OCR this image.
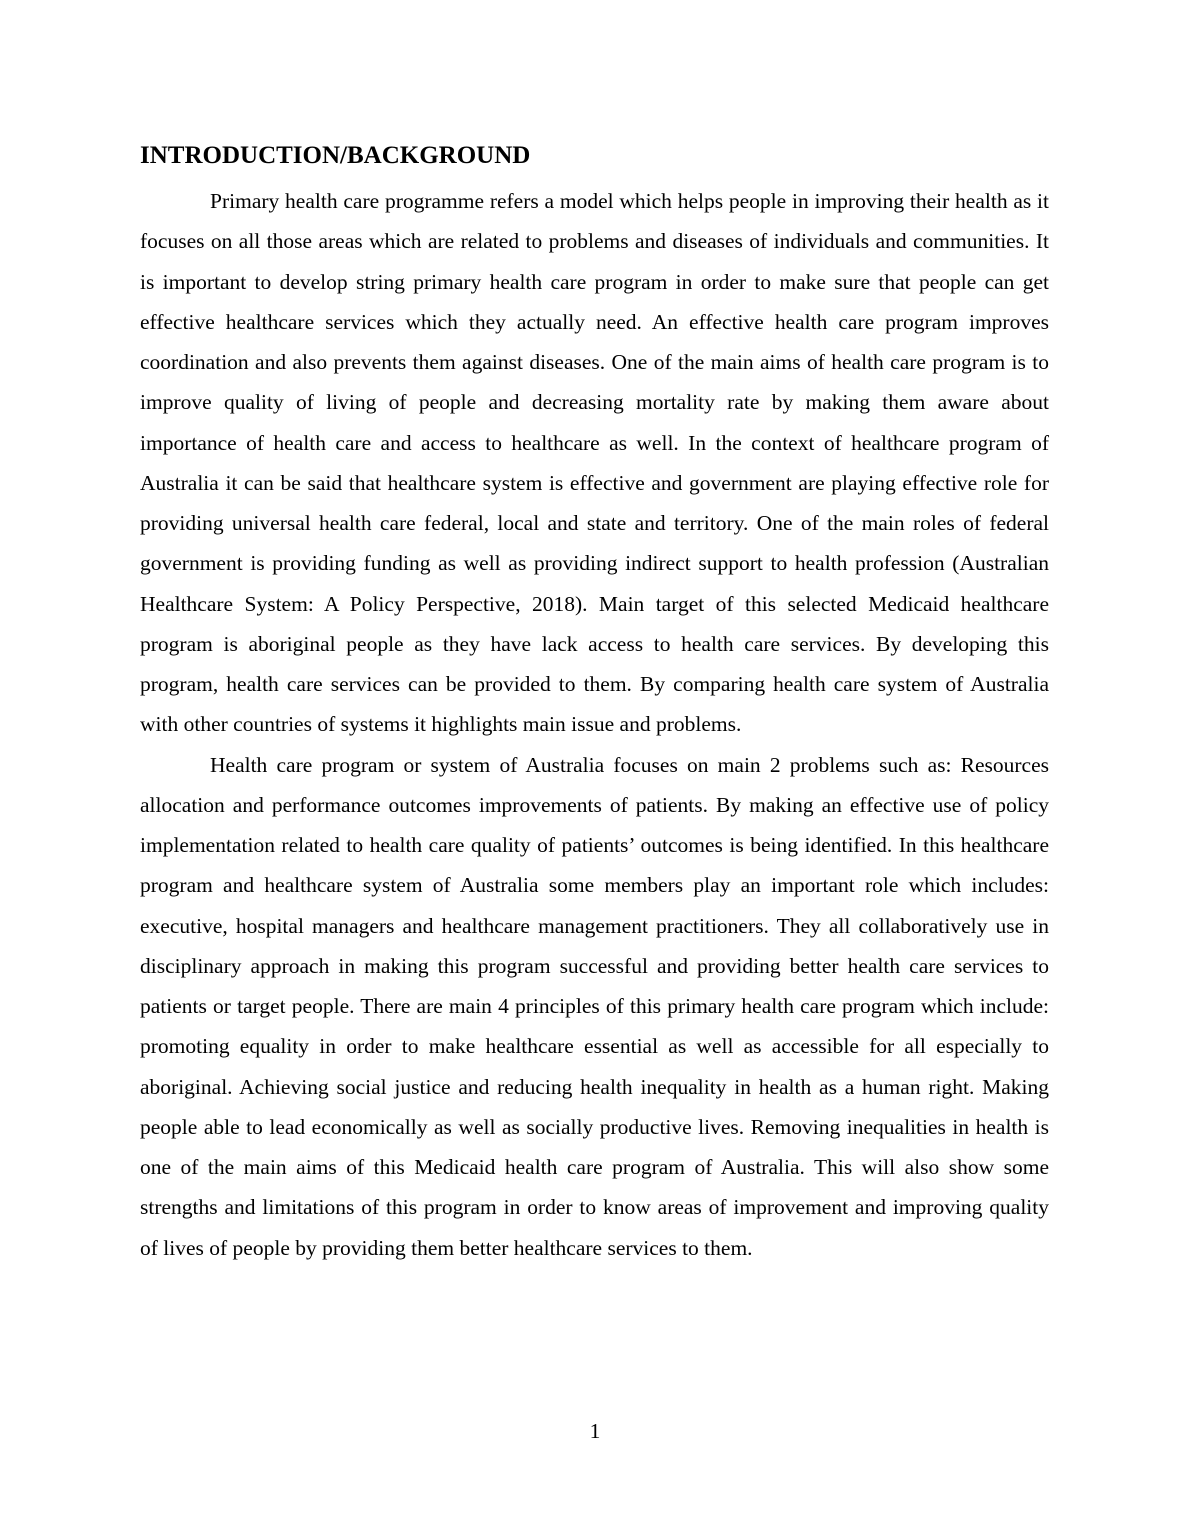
INTRODUCTION/BACKGROUND

Primary health care programme refers a model which helps people in improving their health as it focuses on all those areas which are related to problems and diseases of individuals and communities. It is important to develop string primary health care program in order to make sure that people can get effective healthcare services which they actually need. An effective health care program improves coordination and also prevents them against diseases. One of the main aims of health care program is to improve quality of living of people and decreasing mortality rate by making them aware about importance of health care and access to healthcare as well. In the context of healthcare program of Australia it can be said that healthcare system is effective and government are playing effective role for providing universal health care federal, local and state and territory. One of the main roles of federal government is providing funding as well as providing indirect support to health profession (Australian Healthcare System: A Policy Perspective, 2018). Main target of this selected Medicaid healthcare program is aboriginal people as they have lack access to health care services. By developing this program, health care services can be provided to them. By comparing health care system of Australia with other countries of systems it highlights main issue and problems.

Health care program or system of Australia focuses on main 2 problems such as: Resources allocation and performance outcomes improvements of patients. By making an effective use of policy implementation related to health care quality of patients’ outcomes is being identified. In this healthcare program and healthcare system of Australia some members play an important role which includes: executive, hospital managers and healthcare management practitioners. They all collaboratively use in disciplinary approach in making this program successful and providing better health care services to patients or target people. There are main 4 principles of this primary health care program which include: promoting equality in order to make healthcare essential as well as accessible for all especially to aboriginal. Achieving social justice and reducing health inequality in health as a human right. Making people able to lead economically as well as socially productive lives. Removing inequalities in health is one of the main aims of this Medicaid health care program of Australia. This will also show some strengths and limitations of this program in order to know areas of improvement and improving quality of lives of people by providing them better healthcare services to them.

1
